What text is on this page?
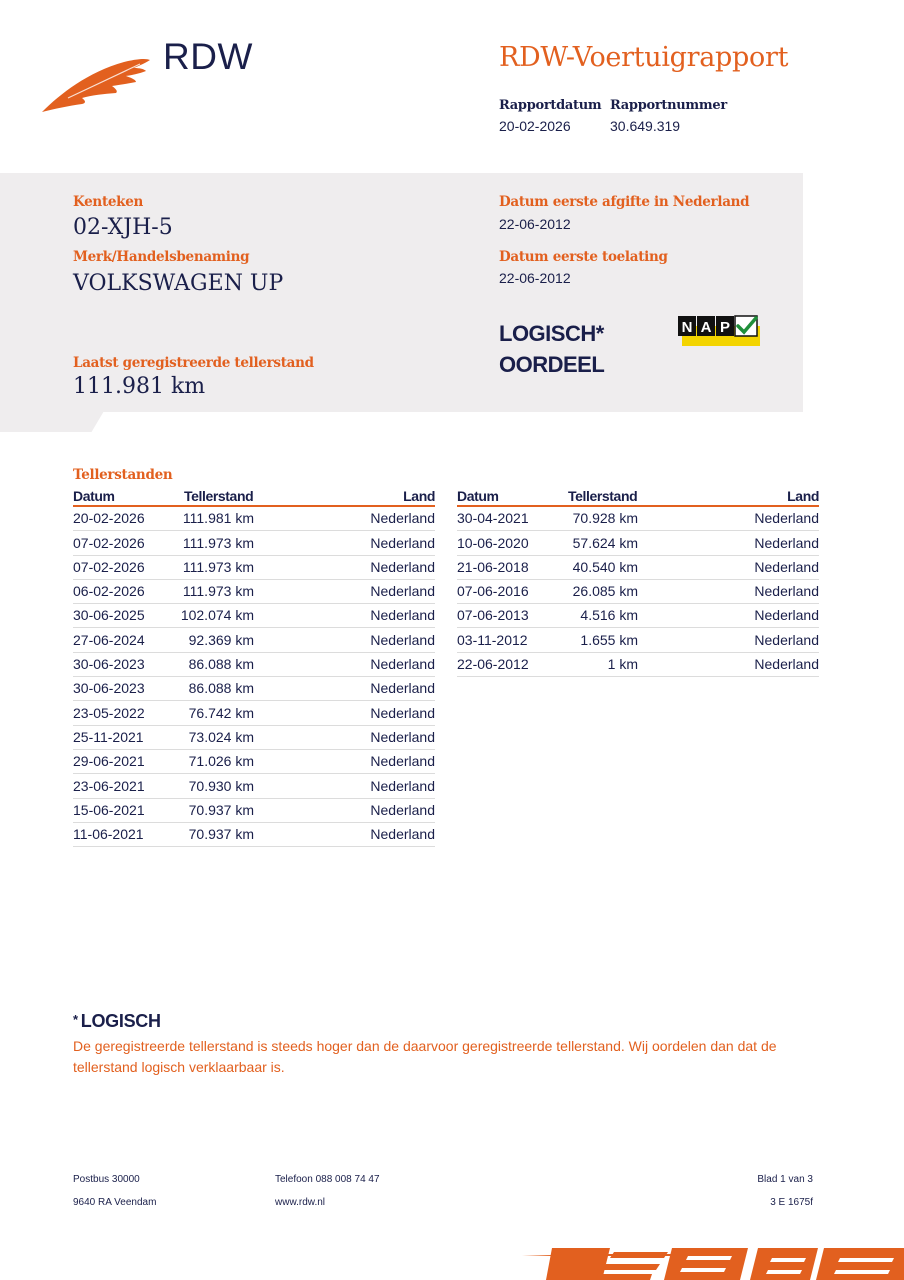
RDW	RDW-Voertuigrapport
Rapportdatum
20-02-2026
Rapportnummer
30.649.319
Kenteken
02-XJH-5
Merk/Handelsbenaming
VOLKSWAGEN UP
Laatst geregistreerde tellerstand
111.981 km
Datum eerste afgifte in Nederland
22-06-2012
Datum eerste toelating
22-06-2012
LOGISCH*
OORDEEL
N A P
Tellerstanden
Datum	Tellerstand	Land
20-02-2026	111.981 km	Nederland
07-02-2026	111.973 km	Nederland
07-02-2026	111.973 km	Nederland
06-02-2026	111.973 km	Nederland
30-06-2025	102.074 km	Nederland
27-06-2024	92.369 km	Nederland
30-06-2023	86.088 km	Nederland
30-06-2023	86.088 km	Nederland
23-05-2022	76.742 km	Nederland
25-11-2021	73.024 km	Nederland
29-06-2021	71.026 km	Nederland
23-06-2021	70.930 km	Nederland
15-06-2021	70.937 km	Nederland
11-06-2021	70.937 km	Nederland
Datum	Tellerstand	Land
30-04-2021	70.928 km	Nederland
10-06-2020	57.624 km	Nederland
21-06-2018	40.540 km	Nederland
07-06-2016	26.085 km	Nederland
07-06-2013	4.516 km	Nederland
03-11-2012	1.655 km	Nederland
22-06-2012	1 km	Nederland
* LOGISCH
De geregistreerde tellerstand is steeds hoger dan de daarvoor geregistreerde tellerstand. Wij oordelen dan dat de tellerstand logisch verklaarbaar is.
Postbus 30000
9640 RA Veendam
Telefoon 088 008 74 47
www.rdw.nl
Blad 1 van 3
3 E 1675f
